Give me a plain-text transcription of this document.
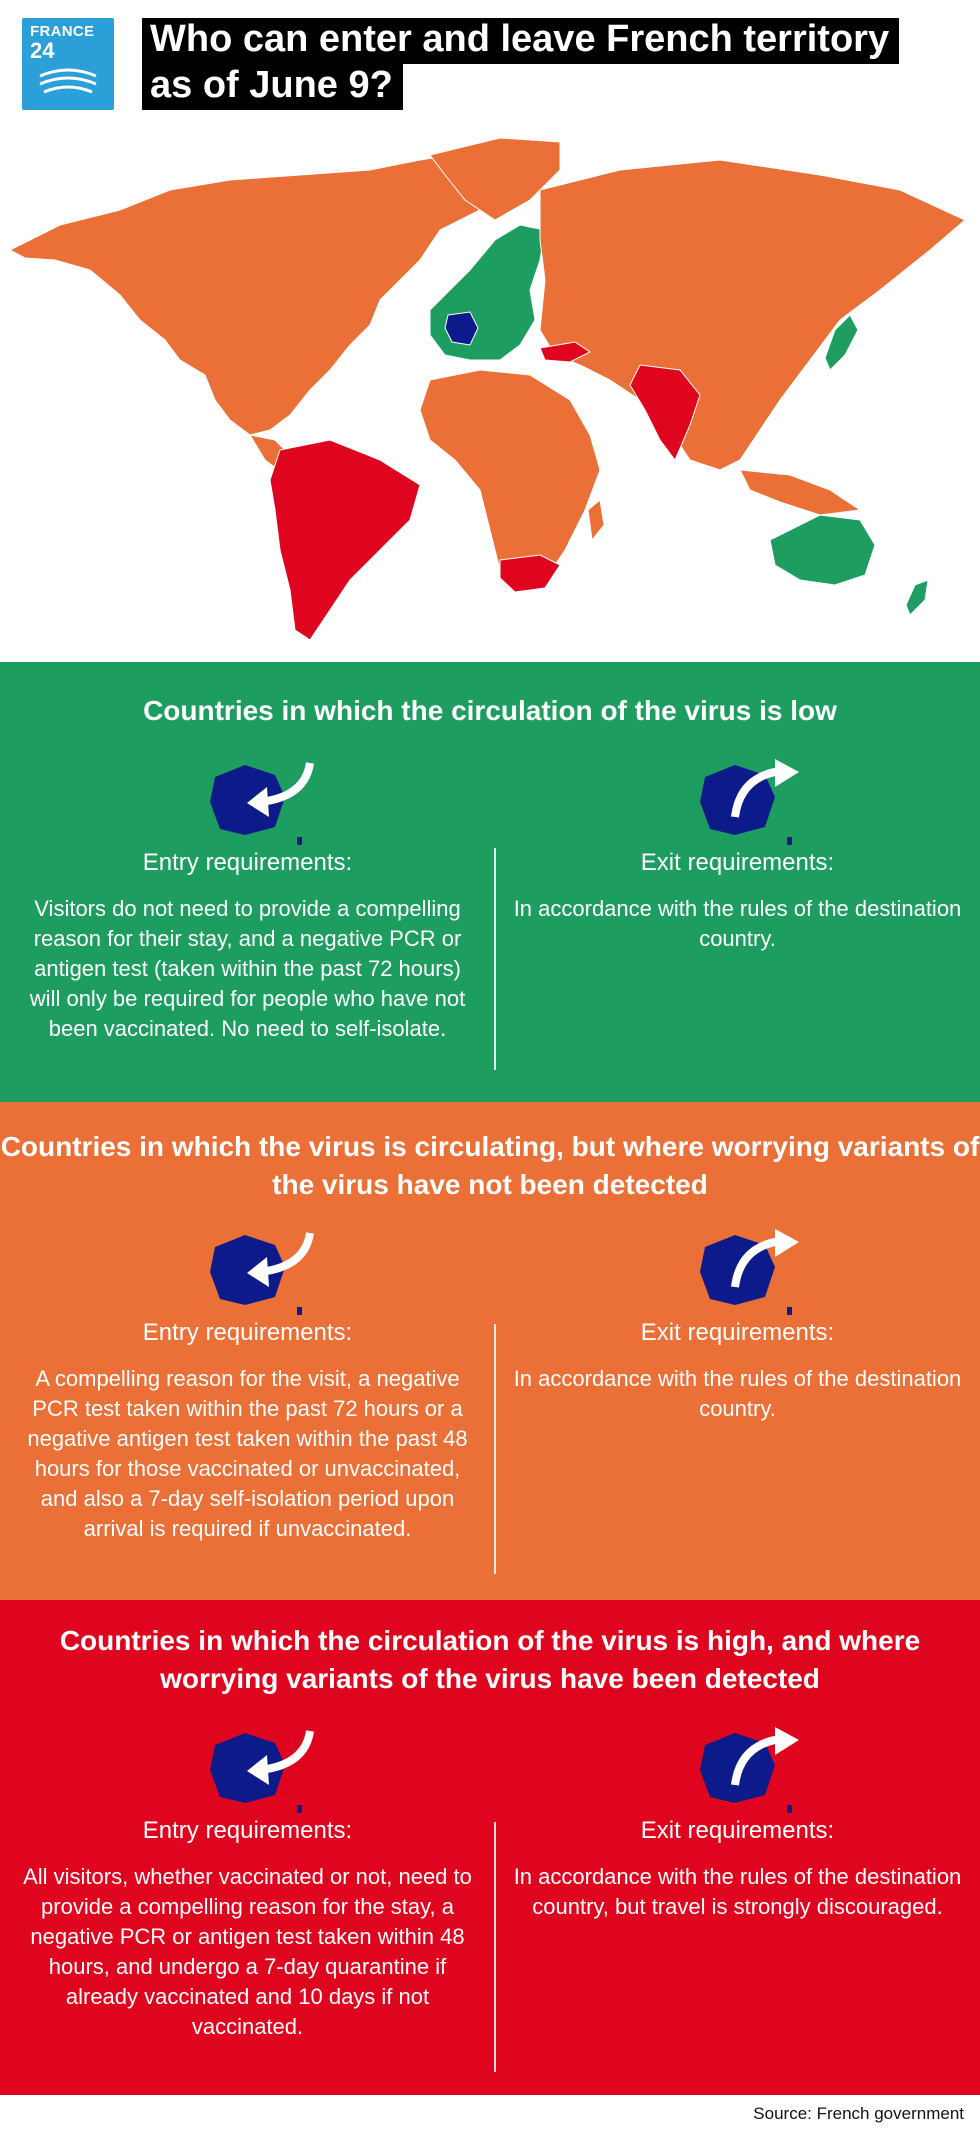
FRANCE
24	Who can enter and leave French territory
as of June 9?
Countries in which the circulation of the virus is low
Entry requirements:
Visitors do not need to provide a compelling reason for their stay, and a negative PCR or antigen test (taken within the past 72 hours) will only be required for people who have not been vaccinated. No need to self-isolate.
Exit requirements:
In accordance with the rules of the destination country.
Countries in which the virus is circulating, but where worrying variants of the virus have not been detected
Entry requirements:
A compelling reason for the visit, a negative PCR test taken within the past 72 hours or a negative antigen test taken within the past 48 hours for those vaccinated or unvaccinated, and also a 7-day self-isolation period upon arrival is required if unvaccinated.
Exit requirements:
In accordance with the rules of the destination country.
Countries in which the circulation of the virus is high, and where worrying variants of the virus have been detected
Entry requirements:
All visitors, whether vaccinated or not, need to provide a compelling reason for the stay, a negative PCR or antigen test taken within 48 hours, and undergo a 7-day quarantine if already vaccinated and 10 days if not vaccinated.
Exit requirements:
In accordance with the rules of the destination country, but travel is strongly discouraged.
Source: French government
